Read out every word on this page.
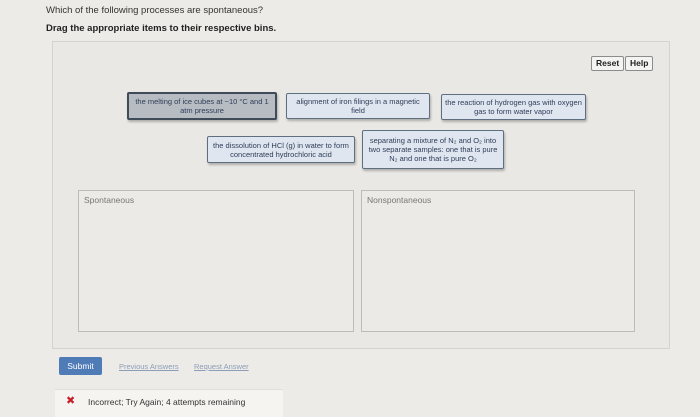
Which of the following processes are spontaneous?
Drag the appropriate items to their respective bins.
Reset	Help
the melting of ice cubes at −10 °C and 1 atm pressure
alignment of iron filings in a magnetic field
the reaction of hydrogen gas with oxygen gas to form water vapor
the dissolution of HCl (g) in water to form concentrated hydrochloric acid
separating a mixture of N₂ and O₂ into two separate samples: one that is pure N₂ and one that is pure O₂
Spontaneous	Nonspontaneous
Submit	Previous Answers Request Answer
✖ Incorrect; Try Again; 4 attempts remaining
